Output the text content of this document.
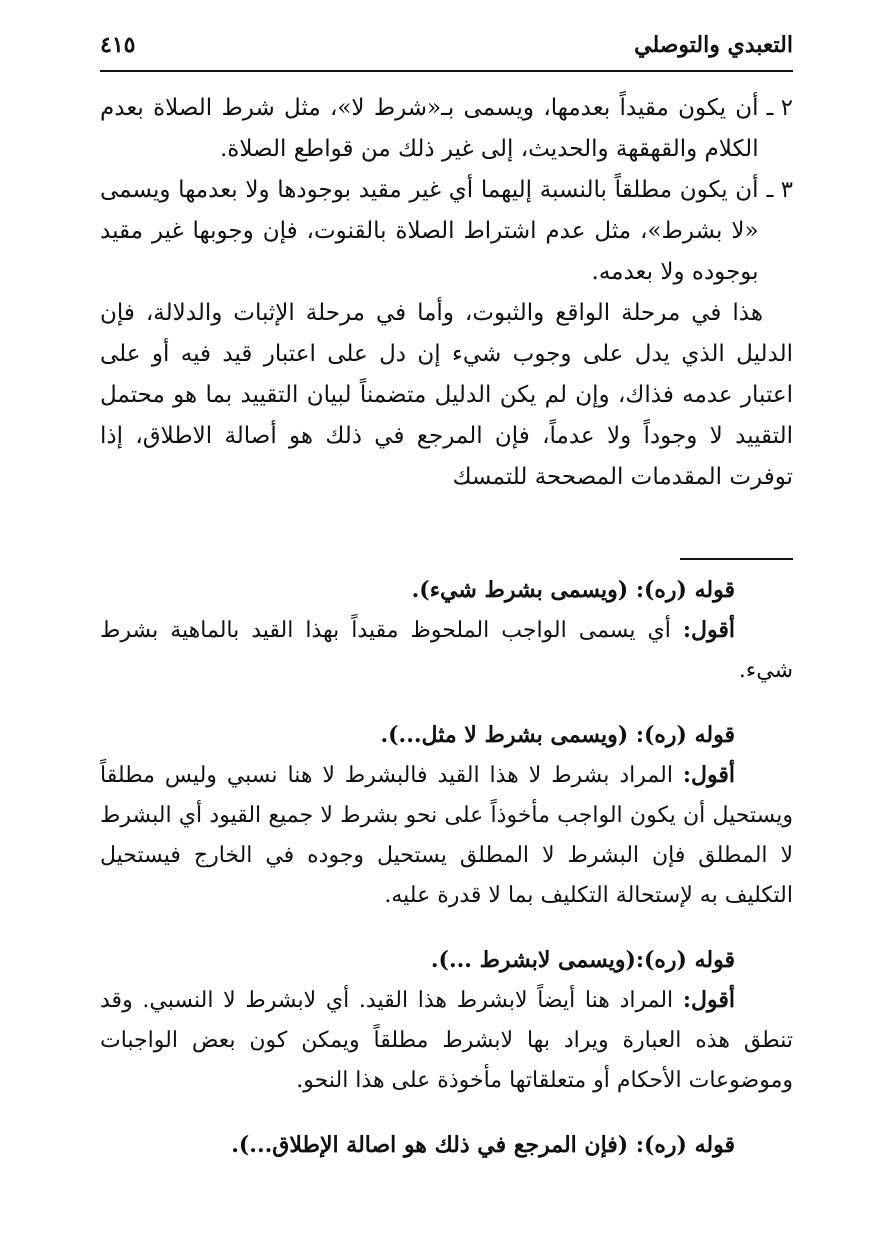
التعبدي والتوصلي
٤١٥
٢ ـ
أن يكون مقيداً بعدمها، ويسمى بـ«شرط لا»، مثل شرط الصلاة بعدم الكلام والقهقهة والحديث، إلى غير ذلك من قواطع الصلاة.
٣ ـ
أن يكون مطلقاً بالنسبة إليهما أي غير مقيد بوجودها ولا بعدمها ويسمى «لا بشرط»، مثل عدم اشتراط الصلاة بالقنوت، فإن وجوبها غير مقيد بوجوده ولا بعدمه.

هذا في مرحلة الواقع والثبوت، وأما في مرحلة الإثبات والدلالة، فإن الدليل الذي يدل على وجوب شيء إن دل على اعتبار قيد فيه أو على اعتبار عدمه فذاك، وإن لم يكن الدليل متضمناً لبيان التقييد بما هو محتمل التقييد لا وجوداً ولا عدماً، فإن المرجع في ذلك هو أصالة الاطلاق، إذا توفرت المقدمات المصححة للتمسك

قوله (ره): (ويسمى بشرط شيء).

أقول: أي يسمى الواجب الملحوظ مقيداً بهذا القيد بالماهية بشرط شيء.

قوله (ره): (ويسمى بشرط لا مثل...).

أقول: المراد بشرط لا هذا القيد فالبشرط لا هنا نسبي وليس مطلقاً ويستحيل أن يكون الواجب مأخوذاً على نحو بشرط لا جميع القيود أي البشرط لا المطلق فإن البشرط لا المطلق يستحيل وجوده في الخارج فيستحيل التكليف به لإستحالة التكليف بما لا قدرة عليه.

قوله (ره):(ويسمى لابشرط ...).

أقول: المراد هنا أيضاً لابشرط هذا القيد. أي لابشرط لا النسبي. وقد تنطق هذه العبارة ويراد بها لابشرط مطلقاً ويمكن كون بعض الواجبات وموضوعات الأحكام أو متعلقاتها مأخوذة على هذا النحو.

قوله (ره): (فإن المرجع في ذلك هو اصالة الإطلاق...).
